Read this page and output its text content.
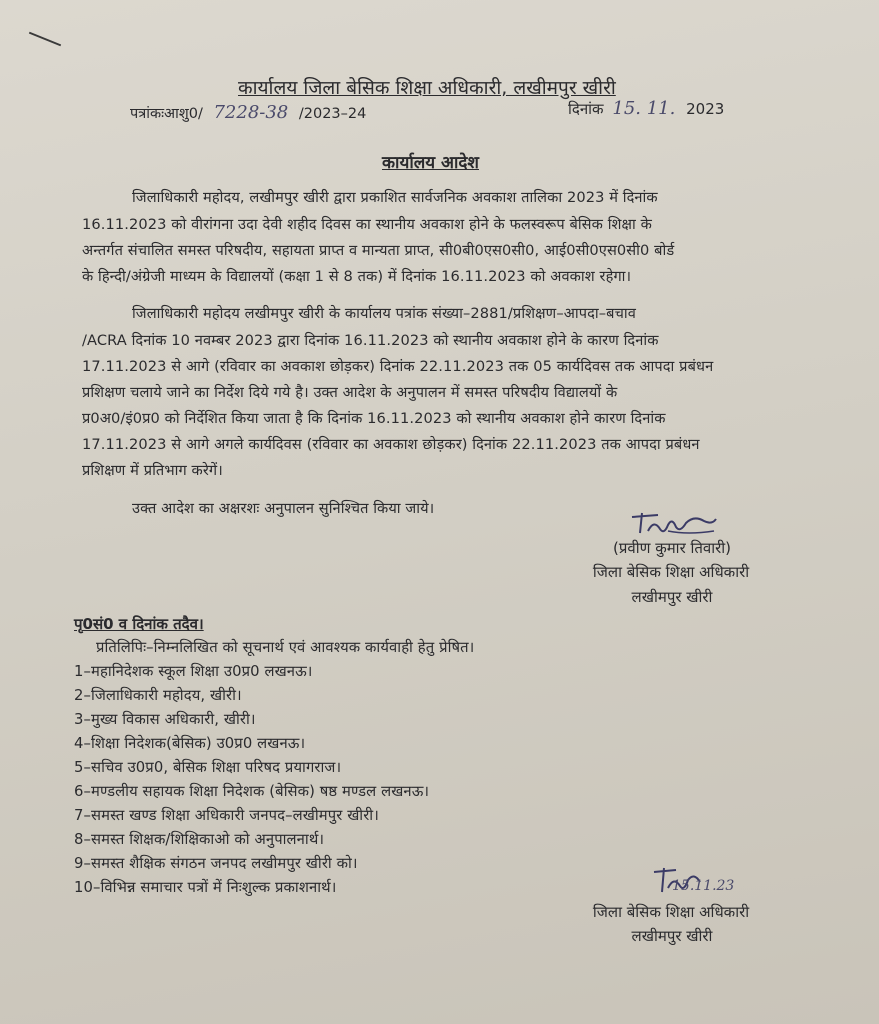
कार्यालय जिला बेसिक शिक्षा अधिकारी, लखीमपुर खीरी
पत्रांकःआशु0/ 7228-38 /2023–24	दिनांक 15. 11. 2023
कार्यालय आदेश
जिलाधिकारी महोदय, लखीमपुर खीरी द्वारा प्रकाशित सार्वजनिक अवकाश तालिका 2023 में दिनांक
16.11.2023 को वीरांगना उदा देवी शहीद दिवस का स्थानीय अवकाश होने के फलस्वरूप बेसिक शिक्षा के
अन्तर्गत संचालित समस्त परिषदीय, सहायता प्राप्त व मान्यता प्राप्त, सी0बी0एस0सी0, आई0सी0एस0सी0 बोर्ड
के हिन्दी/अंग्रेजी माध्यम के विद्यालयों (कक्षा 1 से 8 तक) में दिनांक 16.11.2023 को अवकाश रहेगा।
जिलाधिकारी महोदय लखीमपुर खीरी के कार्यालय पत्रांक संख्या–2881/प्रशिक्षण–आपदा–बचाव
/ACRA दिनांक 10 नवम्बर 2023 द्वारा दिनांक 16.11.2023 को स्थानीय अवकाश होने के कारण दिनांक
17.11.2023 से आगे (रविवार का अवकाश छोड़कर) दिनांक 22.11.2023 तक 05 कार्यदिवस तक आपदा प्रबंधन
प्रशिक्षण चलाये जाने का निर्देश दिये गये है। उक्त आदेश के अनुपालन में समस्त परिषदीय विद्यालयों के
प्र0अ0/इं0प्र0 को निर्देशित किया जाता है कि दिनांक 16.11.2023 को स्थानीय अवकाश होने कारण दिनांक
17.11.2023 से आगे अगले कार्यदिवस (रविवार का अवकाश छोड़कर) दिनांक 22.11.2023 तक आपदा प्रबंधन
प्रशिक्षण में प्रतिभाग करेगें।
उक्त आदेश का अक्षरशः अनुपालन सुनिश्चित किया जाये।
(प्रवीण कुमार तिवारी)
जिला बेसिक शिक्षा अधिकारी
लखीमपुर खीरी
पृ0सं0 व दिनांक तदैव।
प्रतिलिपिः–निम्नलिखित को सूचनार्थ एवं आवश्यक कार्यवाही हेतु प्रेषित।
1–महानिदेशक स्कूल शिक्षा उ0प्र0 लखनऊ।
2–जिलाधिकारी महोदय, खीरी।
3–मुख्य विकास अधिकारी, खीरी।
4–शिक्षा निदेशक(बेसिक) उ0प्र0 लखनऊ।
5–सचिव उ0प्र0, बेसिक शिक्षा परिषद प्रयागराज।
6–मण्डलीय सहायक शिक्षा निदेशक (बेसिक) षष्ठ मण्डल लखनऊ।
7–समस्त खण्ड शिक्षा अधिकारी जनपद–लखीमपुर खीरी।
8–समस्त शिक्षक/शिक्षिकाओ को अनुपालनार्थ।
9–समस्त शैक्षिक संगठन जनपद लखीमपुर खीरी को।
10–विभिन्न समाचार पत्रों में निःशुल्क प्रकाशनार्थ।	15.11.23
जिला बेसिक शिक्षा अधिकारी
लखीमपुर खीरी
